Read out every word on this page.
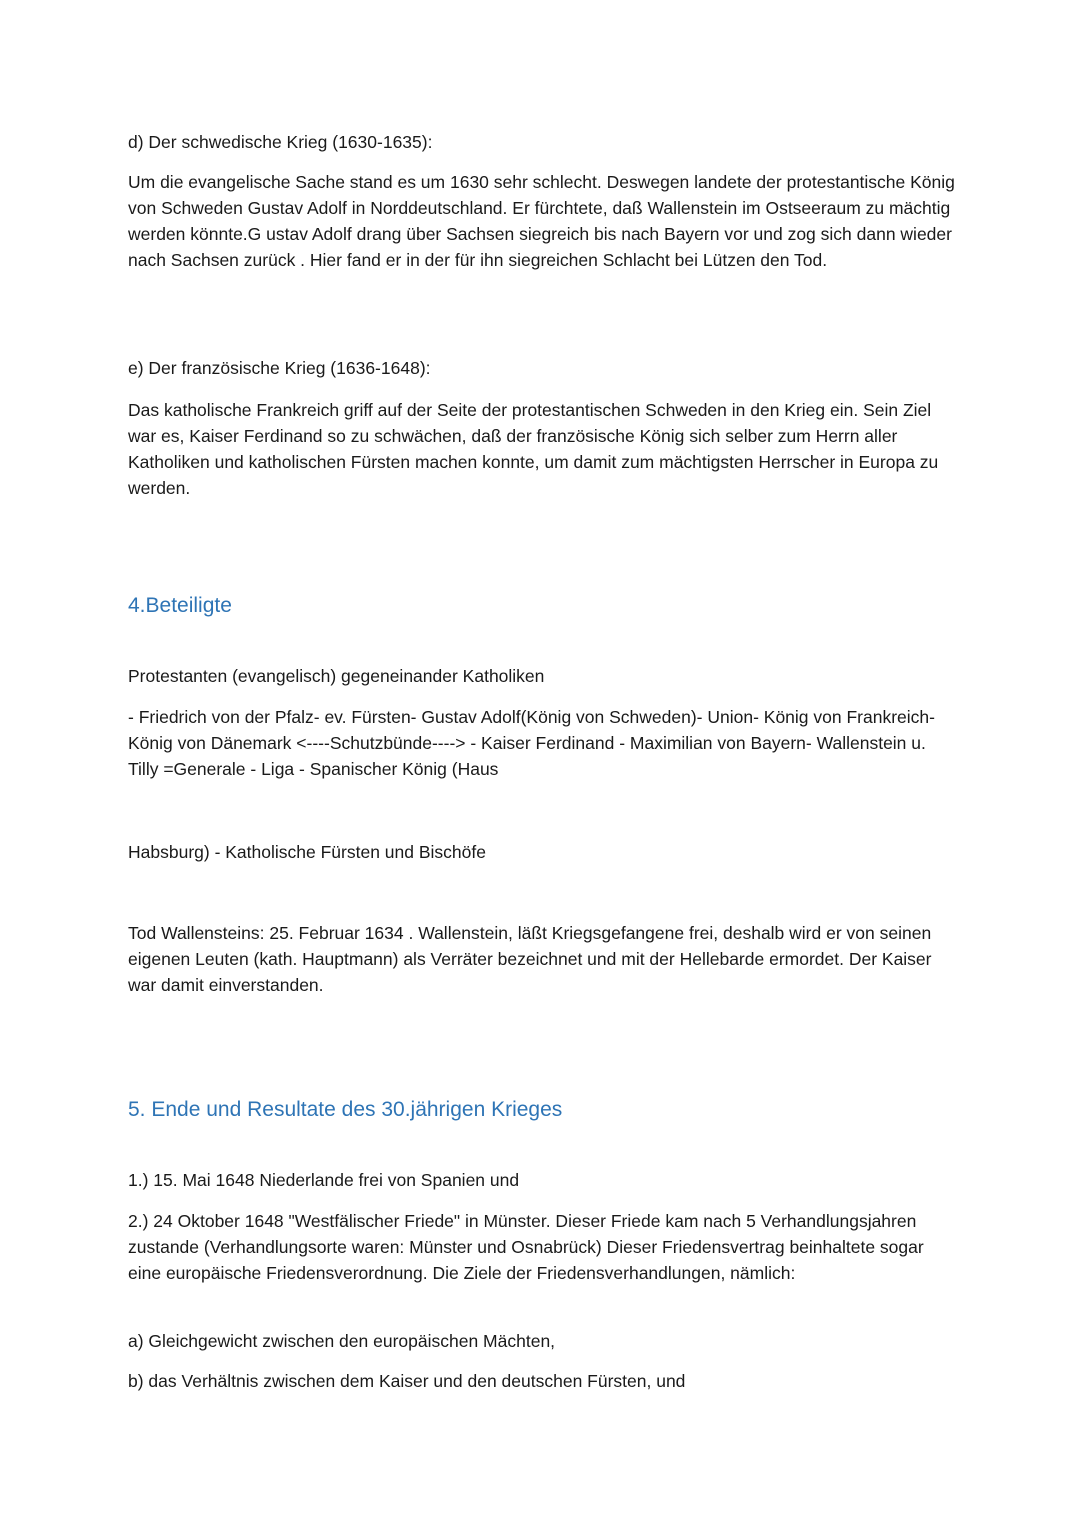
d) Der schwedische Krieg (1630-1635):

Um die evangelische Sache stand es um 1630 sehr schlecht. Deswegen landete der protestantische König von Schweden Gustav Adolf in Norddeutschland. Er fürchtete, daß Wallenstein im Ostseeraum zu mächtig werden könnte.G ustav Adolf drang über Sachsen siegreich bis nach Bayern vor und zog sich dann wieder nach Sachsen zurück . Hier fand er in der für ihn siegreichen Schlacht bei Lützen den Tod.

e) Der französische Krieg (1636-1648):

Das katholische Frankreich griff auf der Seite der protestantischen Schweden in den Krieg ein. Sein Ziel war es, Kaiser Ferdinand so zu schwächen, daß der französische König sich selber zum Herrn aller Katholiken und katholischen Fürsten machen konnte, um damit zum mächtigsten Herrscher in Europa zu werden.

4.Beteiligte

Protestanten (evangelisch) gegeneinander Katholiken

- Friedrich von der Pfalz- ev. Fürsten- Gustav Adolf(König von Schweden)- Union- König von Frankreich- König von Dänemark <----Schutzbünde----> - Kaiser Ferdinand - Maximilian von Bayern- Wallenstein u. Tilly =Generale - Liga - Spanischer König (Haus

Habsburg) - Katholische Fürsten und Bischöfe

Tod Wallensteins: 25. Februar 1634 . Wallenstein, läßt Kriegsgefangene frei, deshalb wird er von seinen eigenen Leuten (kath. Hauptmann) als Verräter bezeichnet und mit der Hellebarde ermordet. Der Kaiser war damit einverstanden.

5. Ende und Resultate des 30.jährigen Krieges

1.) 15. Mai 1648 Niederlande frei von Spanien und

2.) 24 Oktober 1648 "Westfälischer Friede" in Münster. Dieser Friede kam nach 5 Verhandlungsjahren zustande (Verhandlungsorte waren: Münster und Osnabrück) Dieser Friedensvertrag beinhaltete sogar eine europäische Friedensverordnung. Die Ziele der Friedensverhandlungen, nämlich:

a) Gleichgewicht zwischen den europäischen Mächten,

b) das Verhältnis zwischen dem Kaiser und den deutschen Fürsten, und
